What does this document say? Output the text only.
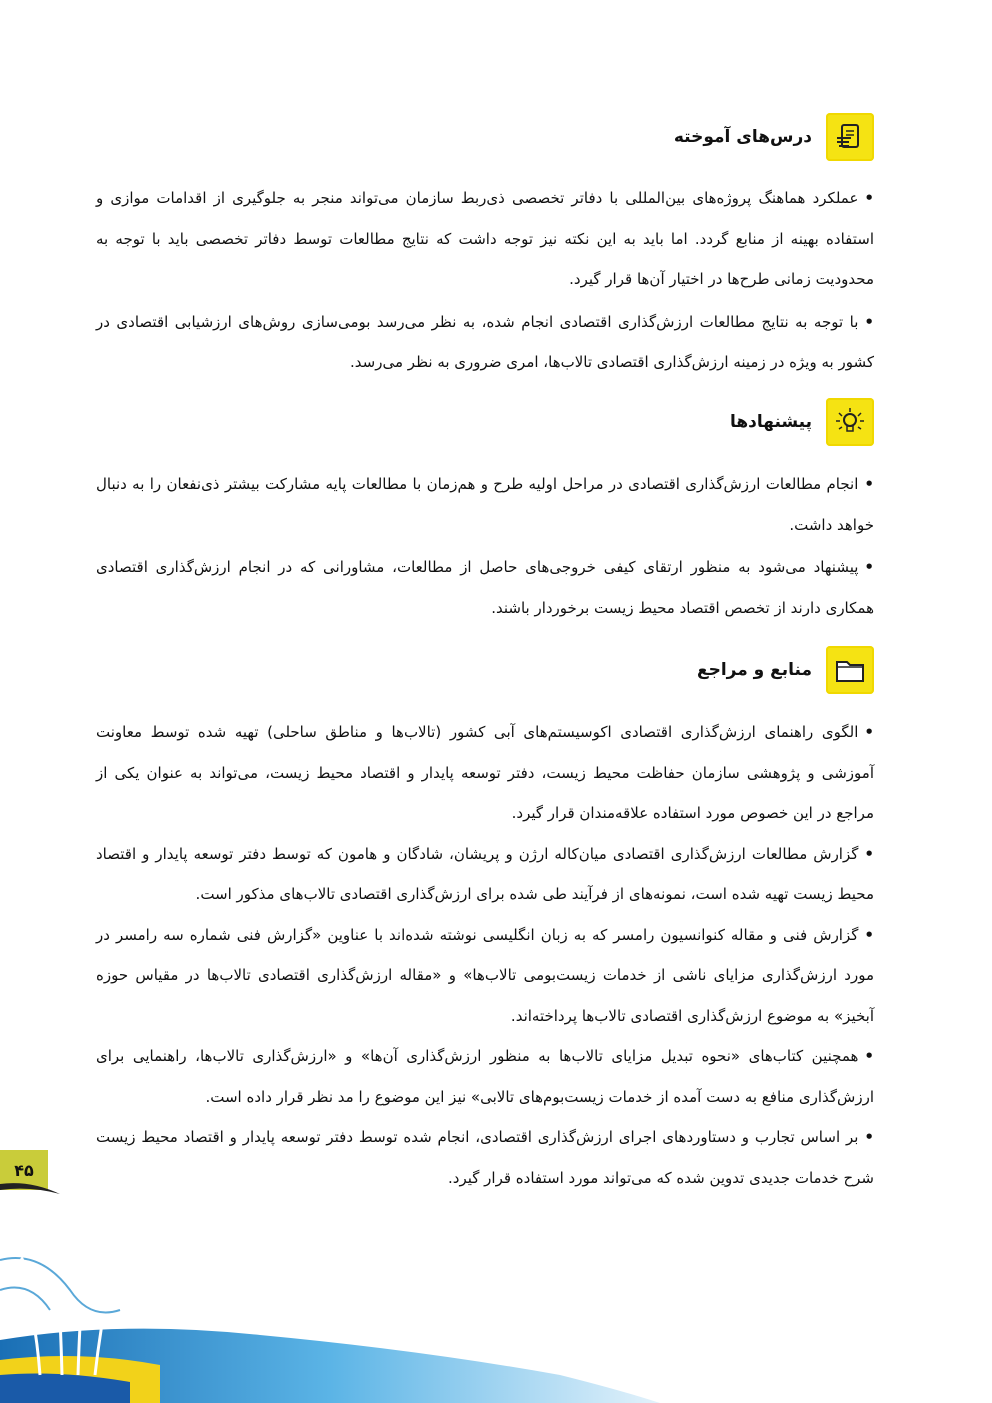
درس‌های آموخته

•عملکرد هماهنگ پروژه‌های بین‌المللی با دفاتر تخصصی ذی‌ربط سازمان می‌تواند منجر به جلوگیری از اقدامات موازی و استفاده بهینه از منابع گردد. اما باید به این نکته نیز توجه داشت که نتایج مطالعات توسط دفاتر تخصصی باید با توجه به محدودیت زمانی طرح‌ها در اختیار آن‌ها قرار گیرد.

•با توجه به نتایج مطالعات ارزش‌گذاری اقتصادی انجام شده، به نظر می‌رسد بومی‌سازی روش‌های ارزشیابی اقتصادی در کشور به ویژه در زمینه ارزش‌گذاری اقتصادی تالاب‌ها، امری ضروری به نظر می‌رسد.

پیشنهادها

•انجام مطالعات ارزش‌گذاری اقتصادی در مراحل اولیه طرح و هم‌زمان با مطالعات پایه مشارکت بیشتر ذی‌نفعان را به دنبال خواهد داشت.

•پیشنهاد می‌شود به منظور ارتقای کیفی خروجی‌های حاصل از مطالعات، مشاورانی که در انجام ارزش‌گذاری اقتصادی همکاری دارند از تخصص اقتصاد محیط زیست برخوردار باشند.

منابع و مراجع

•الگوی راهنمای ارزش‌گذاری اقتصادی اکوسیستم‌های آبی کشور (تالاب‌ها و مناطق ساحلی) تهیه شده توسط معاونت آموزشی و پژوهشی سازمان حفاظت محیط زیست، دفتر توسعه پایدار و اقتصاد محیط زیست، می‌تواند به عنوان یکی از مراجع در این خصوص مورد استفاده علاقه‌مندان قرار گیرد.

•گزارش مطالعات ارزش‌گذاری اقتصادی میان‌کاله ارژن و پریشان، شادگان و هامون که توسط دفتر توسعه پایدار و اقتصاد محیط زیست تهیه شده است، نمونه‌های از فرآیند طی شده برای ارزش‌گذاری اقتصادی تالاب‌های مذکور است.

•گزارش فنی و مقاله کنوانسیون رامسر که به زبان انگلیسی نوشته شده‌اند با عناوین «گزارش فنی شماره سه رامسر در مورد ارزش‌گذاری مزایای ناشی از خدمات زیست‌بومی تالاب‌ها» و «مقاله ارزش‌گذاری اقتصادی تالاب‌ها در مقیاس حوزه آبخیز» به موضوع ارزش‌گذاری اقتصادی تالاب‌ها پرداخته‌اند.

•همچنین کتاب‌های «نحوه تبدیل مزایای تالاب‌ها به منظور ارزش‌گذاری آن‌ها» و «ارزش‌گذاری تالاب‌ها، راهنمایی برای ارزش‌گذاری منافع به دست آمده از خدمات زیست‌بوم‌های تالابی» نیز این موضوع را مد نظر قرار داده است.

•بر اساس تجارب و دستاوردهای اجرای ارزش‌گذاری اقتصادی، انجام شده توسط دفتر توسعه پایدار و اقتصاد محیط زیست شرح خدمات جدیدی تدوین شده که می‌تواند مورد استفاده قرار گیرد.

۴۵
